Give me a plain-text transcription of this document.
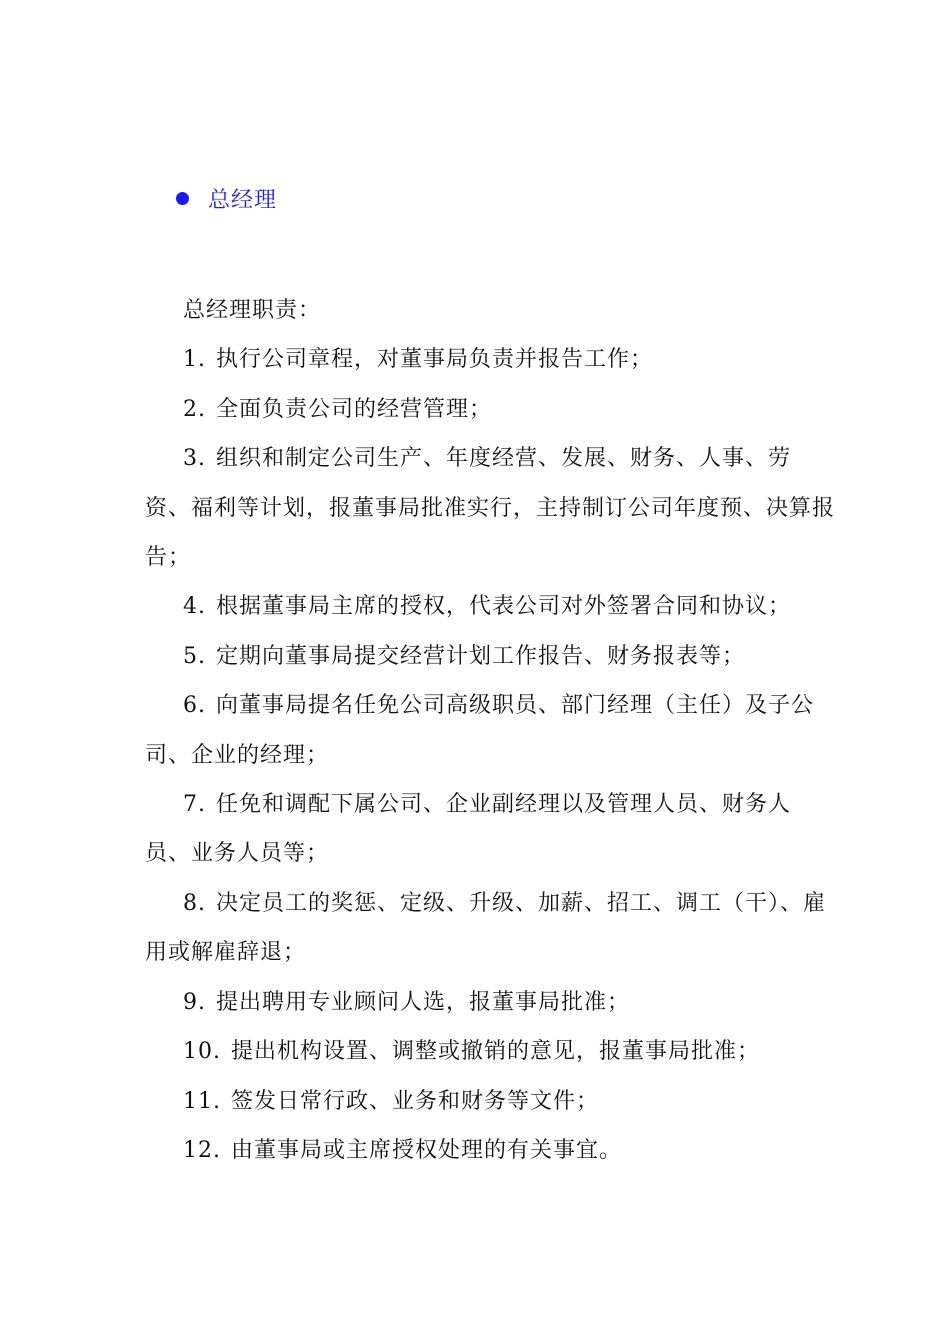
总经理

总经理职责：

1. 执行公司章程，对董事局负责并报告工作；

2. 全面负责公司的经营管理；

3. 组织和制定公司生产、年度经营、发展、财务、人事、劳资、福利等计划，报董事局批准实行，主持制订公司年度预、决算报告；

4. 根据董事局主席的授权，代表公司对外签署合同和协议；

5. 定期向董事局提交经营计划工作报告、财务报表等；

6. 向董事局提名任免公司高级职员、部门经理（主任）及子公司、企业的经理；

7. 任免和调配下属公司、企业副经理以及管理人员、财务人员、业务人员等；

8. 决定员工的奖惩、定级、升级、加薪、招工、调工（干）、雇用或解雇辞退；

9. 提出聘用专业顾问人选，报董事局批准；

10. 提出机构设置、调整或撤销的意见，报董事局批准；

11. 签发日常行政、业务和财务等文件；

12. 由董事局或主席授权处理的有关事宜。
